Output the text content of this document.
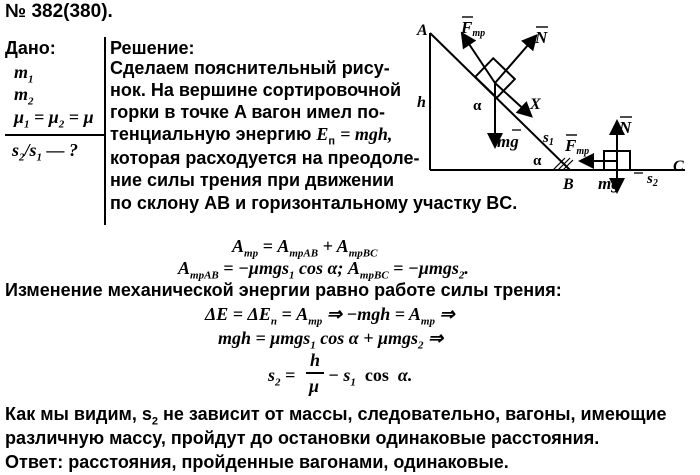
№ 382(380).
Дано:
$m_1$
$m_2$
$\mu_1 = \mu_2 = \mu$
$s_2/s_1$ — ?
Решение:
Сделаем пояснительный рису-
нок. На вершине сортировочной
горки в точке A вагон имел по-
тенциальную энергию $E_п$ = mgh,
которая расходуется на преодоле-
ние силы трения при движении
по склону AB и горизонтальному участку BC.
A
h
B
C
N
Fтр
X
α
mg $s_1$
α
Fтр
N
mg $s_2$
$A_{тр} = A_{трAB} + A_{трBC}$
$A_{трAB} = -\mu mgs_1$ cos α; $A_{трBC} = -\mu mgs_2$.
Изменение механической энергии равно работе силы трения:
$\Delta E = \Delta E_п = A_{тр}$ ⇒ $-mgh = A_{тр}$ ⇒
mgh = μmgs$_1$ cos α + μmgs$_2$ ⇒
$s_2$ =
h
μ
− $s_1$ cos  α.
Как мы видим, $s_2$ не зависит от массы, следовательно, вагоны, имеющие
различную массу, пройдут до остановки одинаковые расстояния.
Ответ: расстояния, пройденные вагонами, одинаковые.
